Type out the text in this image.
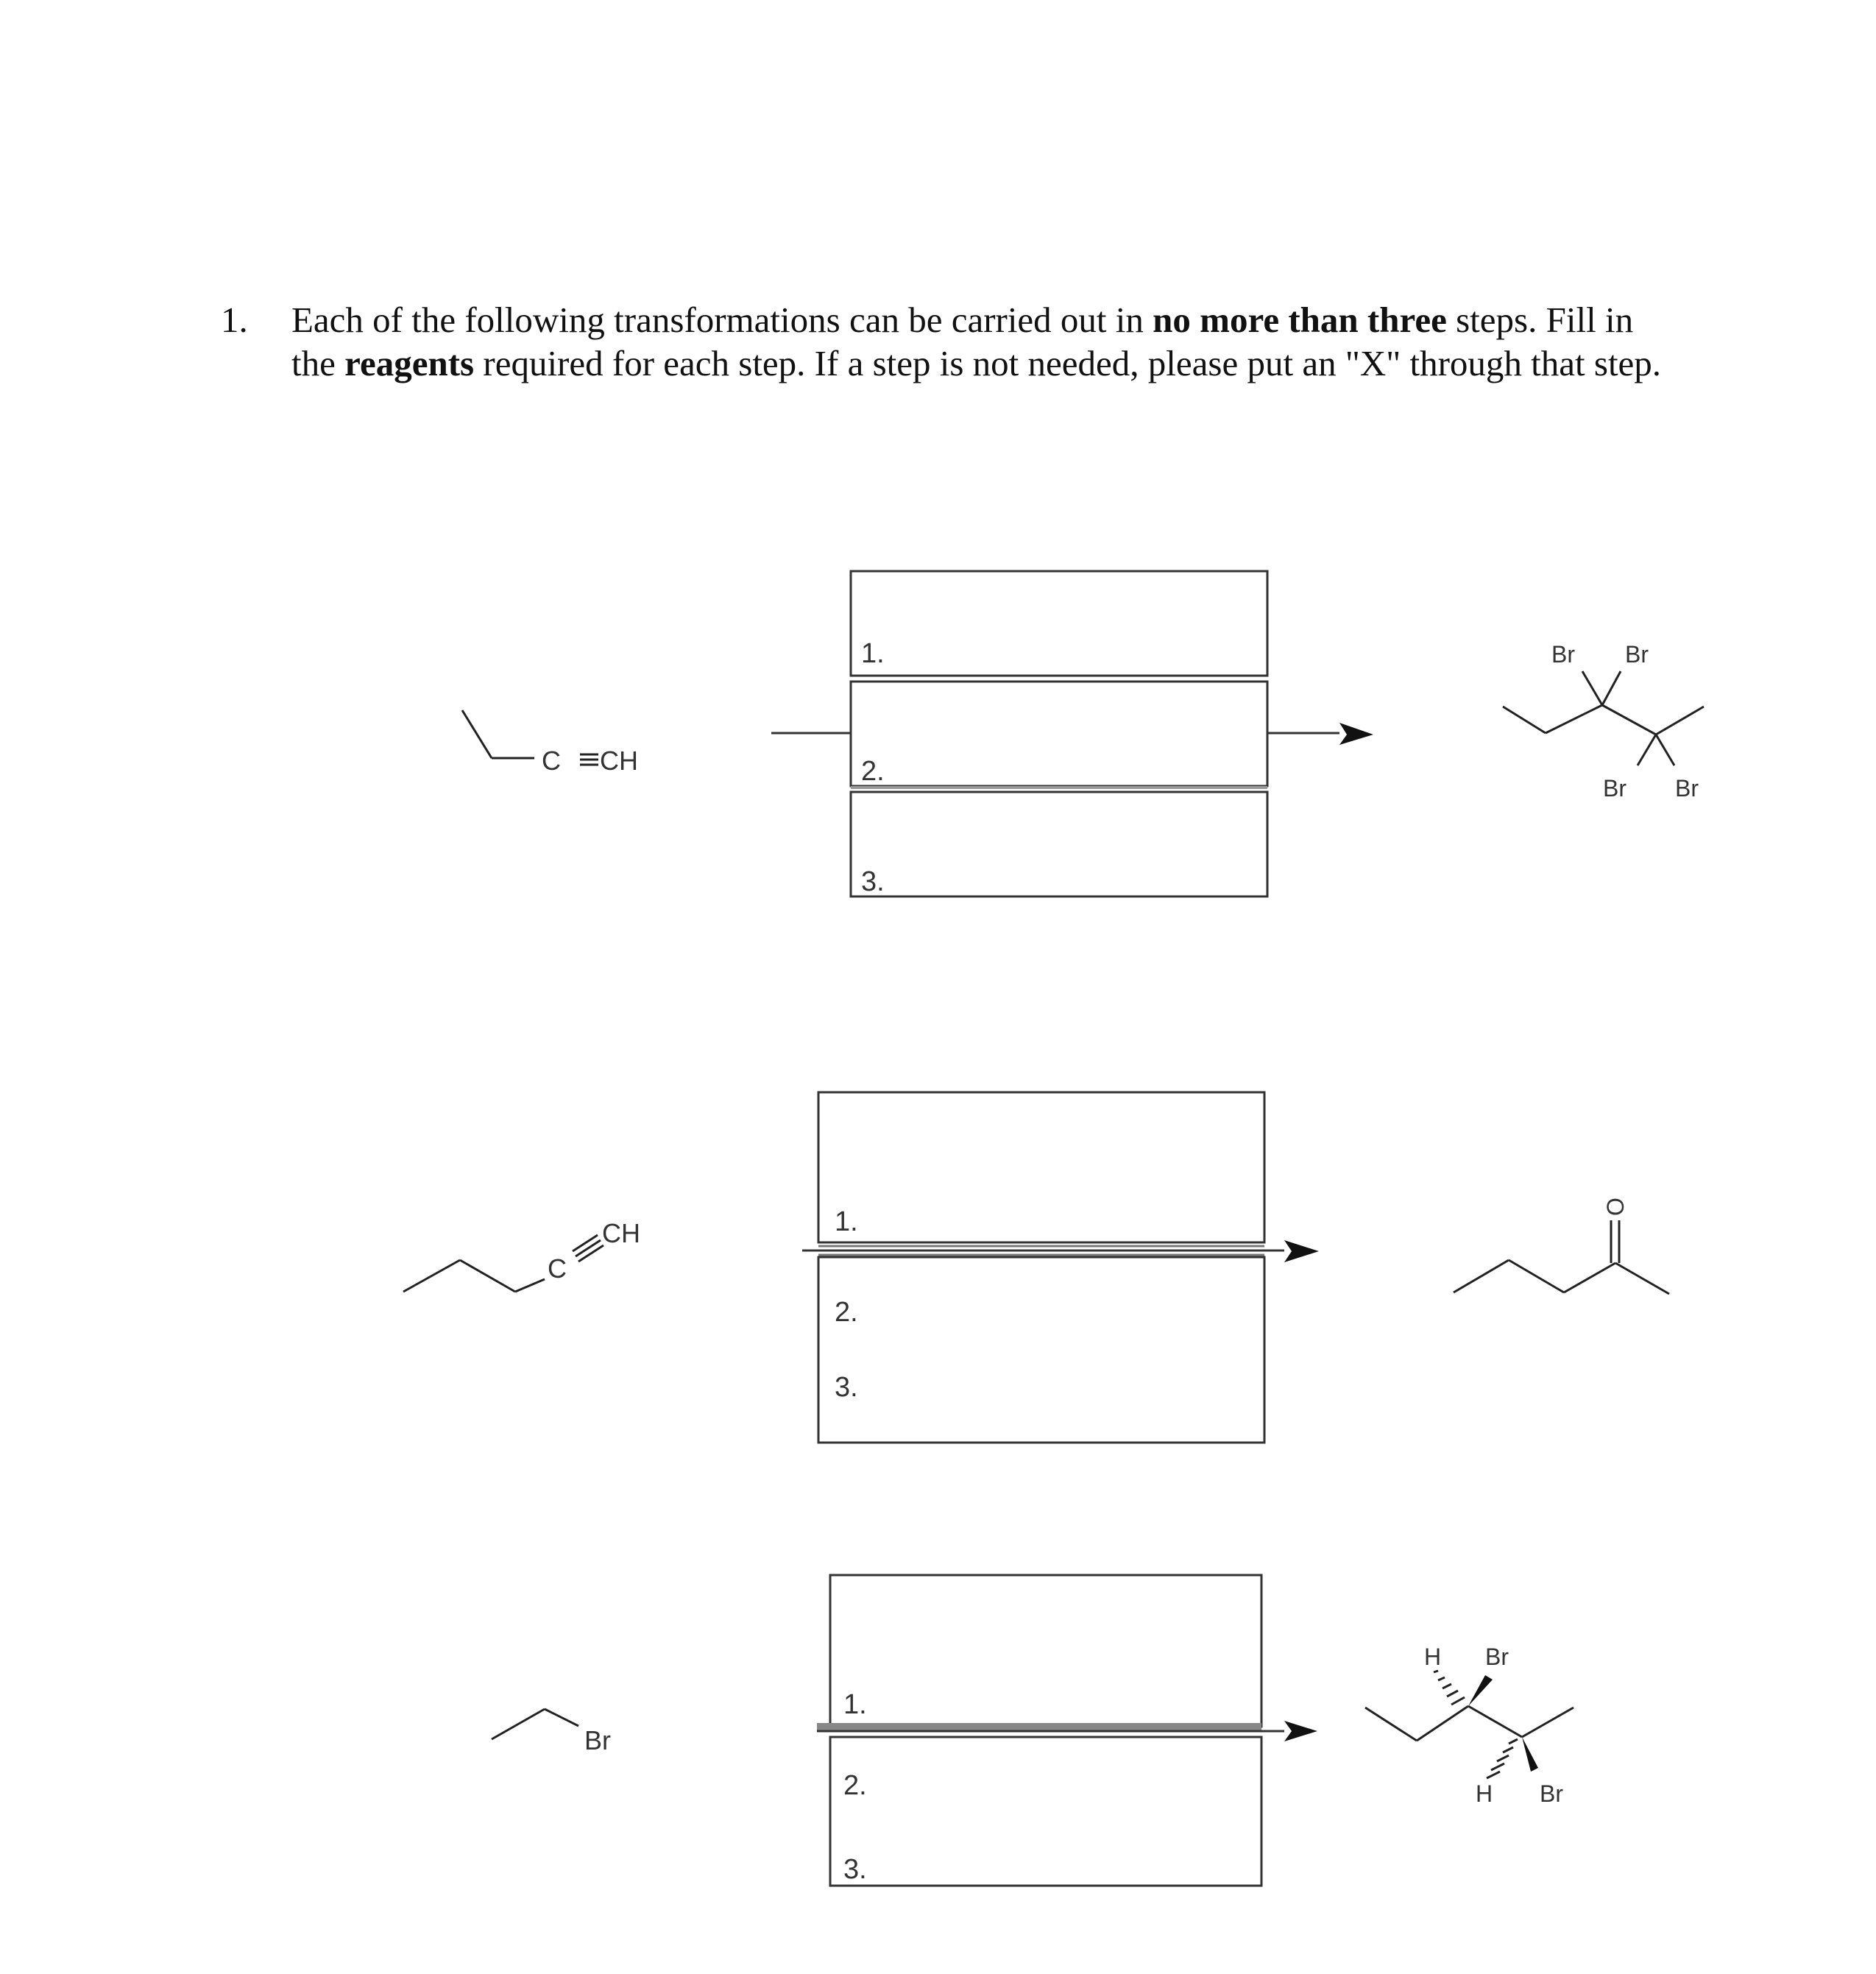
1. Each of the following transformations can be carried out in no more than three steps. Fill in the reagents required for each step. If a step is not needed, please put an "X" through that step.
C CH
1.
2.
3.
Br Br
Br Br
C
CH	1.
2.
3.
O
Br
1.
2.
3.
H Br
H Br
